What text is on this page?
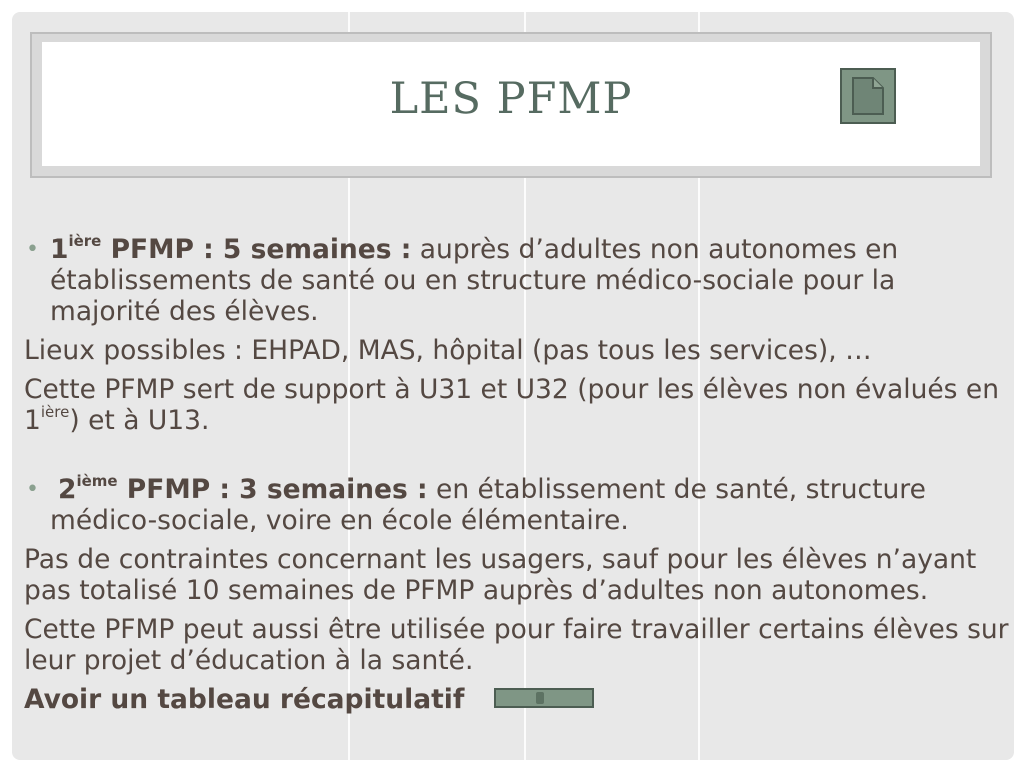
LES PFMP

• $1^{ière}$ PFMP : 5 semaines : auprès d’adultes non autonomes en établissements de santé ou en structure médico-sociale pour la majorité des élèves.

Lieux possibles : EHPAD, MAS, hôpital (pas tous les services), …

Cette PFMP sert de support à U31 et U32 (pour les élèves non évalués en $1^{ière}$) et à U13.

• 2ième PFMP : 3 semaines : en établissement de santé, structure médico-sociale, voire en école élémentaire.

Pas de contraintes concernant les usagers, sauf pour les élèves n’ayant pas totalisé 10 semaines de PFMP auprès d’adultes non autonomes.

Cette PFMP peut aussi être utilisée pour faire travailler certains élèves sur leur projet d’éducation à la santé.

Avoir un tableau récapitulatif
